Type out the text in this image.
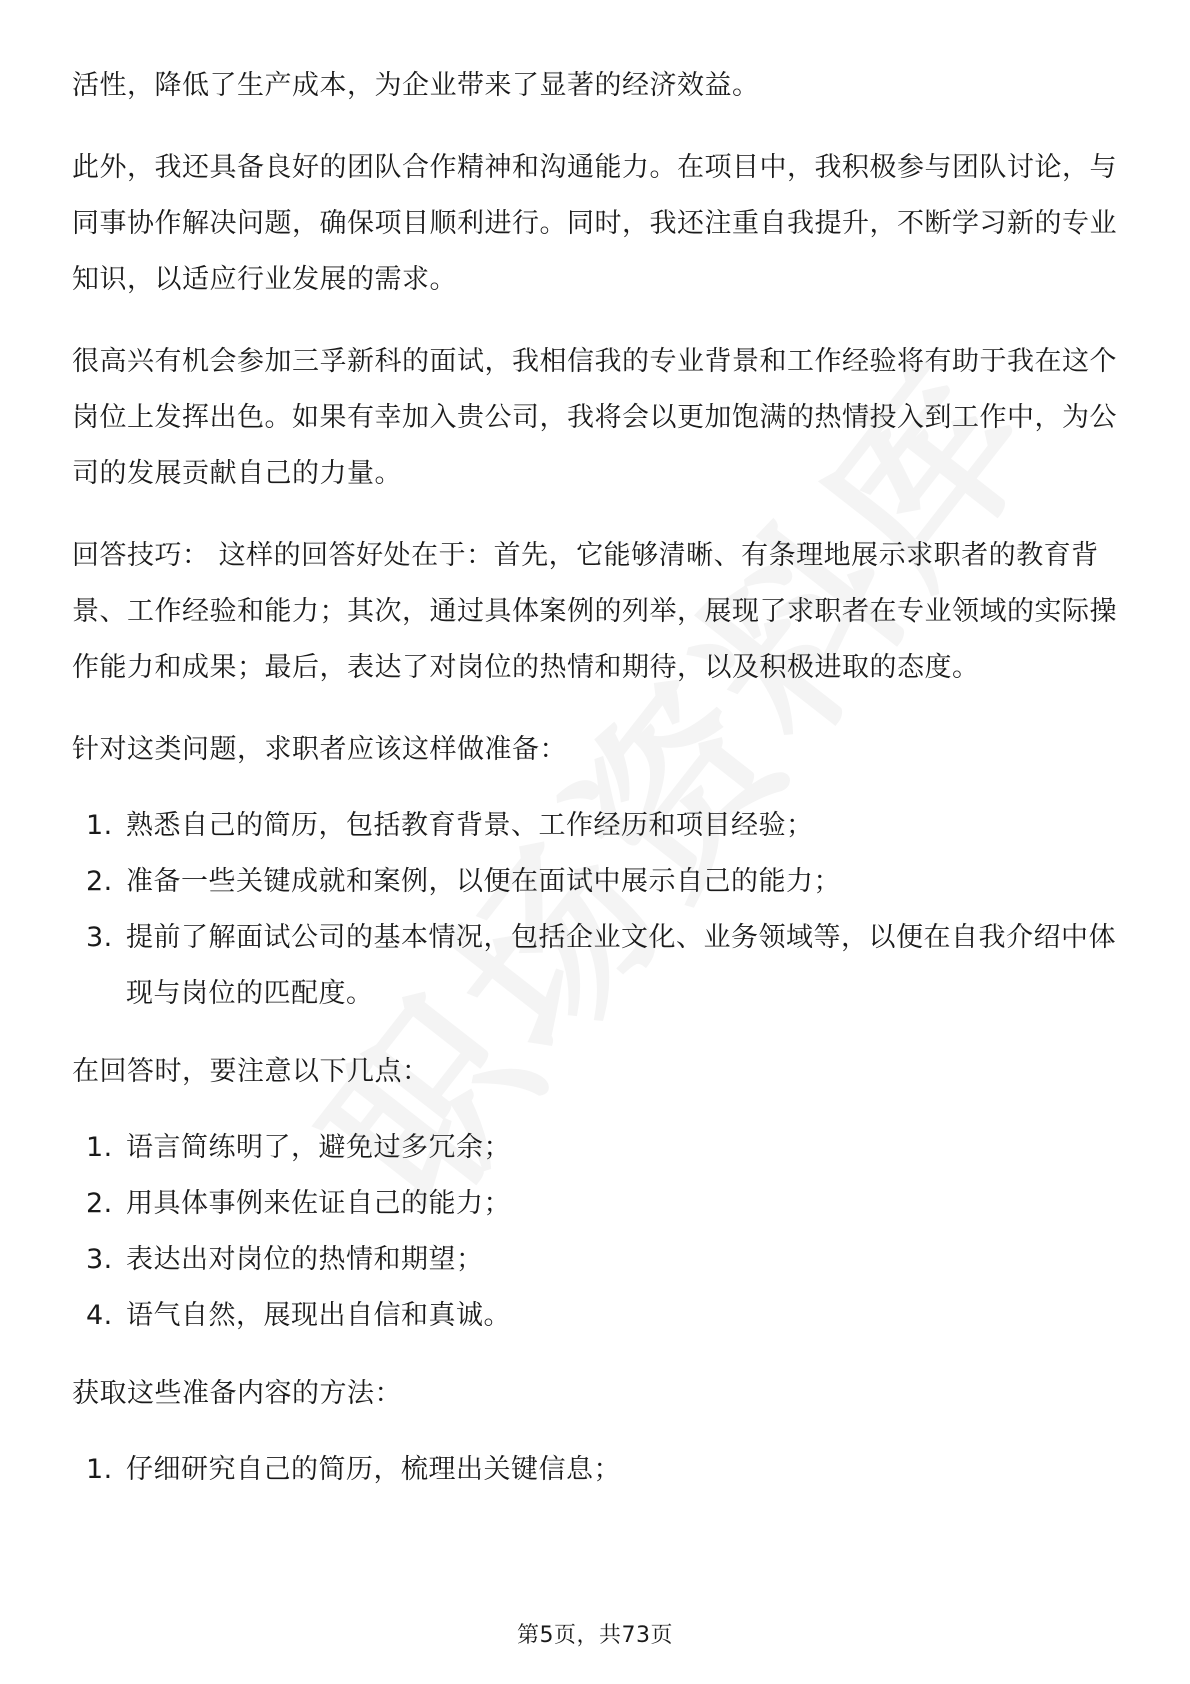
活性，降低了生产成本，为企业带来了显著的经济效益。

此外，我还具备良好的团队合作精神和沟通能力。在项目中，我积极参与团队讨论，与同事协作解决问题，确保项目顺利进行。同时，我还注重自我提升，不断学习新的专业知识，以适应行业发展的需求。

很高兴有机会参加三孚新科的面试，我相信我的专业背景和工作经验将有助于我在这个岗位上发挥出色。如果有幸加入贵公司，我将会以更加饱满的热情投入到工作中，为公司的发展贡献自己的力量。

回答技巧： 这样的回答好处在于：首先，它能够清晰、有条理地展示求职者的教育背景、工作经验和能力；其次，通过具体案例的列举，展现了求职者在专业领域的实际操作能力和成果；最后，表达了对岗位的热情和期待，以及积极进取的态度。

针对这类问题，求职者应该这样做准备：

1. 熟悉自己的简历，包括教育背景、工作经历和项目经验；
2. 准备一些关键成就和案例，以便在面试中展示自己的能力；
3. 提前了解面试公司的基本情况，包括企业文化、业务领域等，以便在自我介绍中体现与岗位的匹配度。

在回答时，要注意以下几点：

1. 语言简练明了，避免过多冗余；
2. 用具体事例来佐证自己的能力；
3. 表达出对岗位的热情和期望；
4. 语气自然，展现出自信和真诚。

获取这些准备内容的方法：

1. 仔细研究自己的简历，梳理出关键信息；
第5页，共73页
